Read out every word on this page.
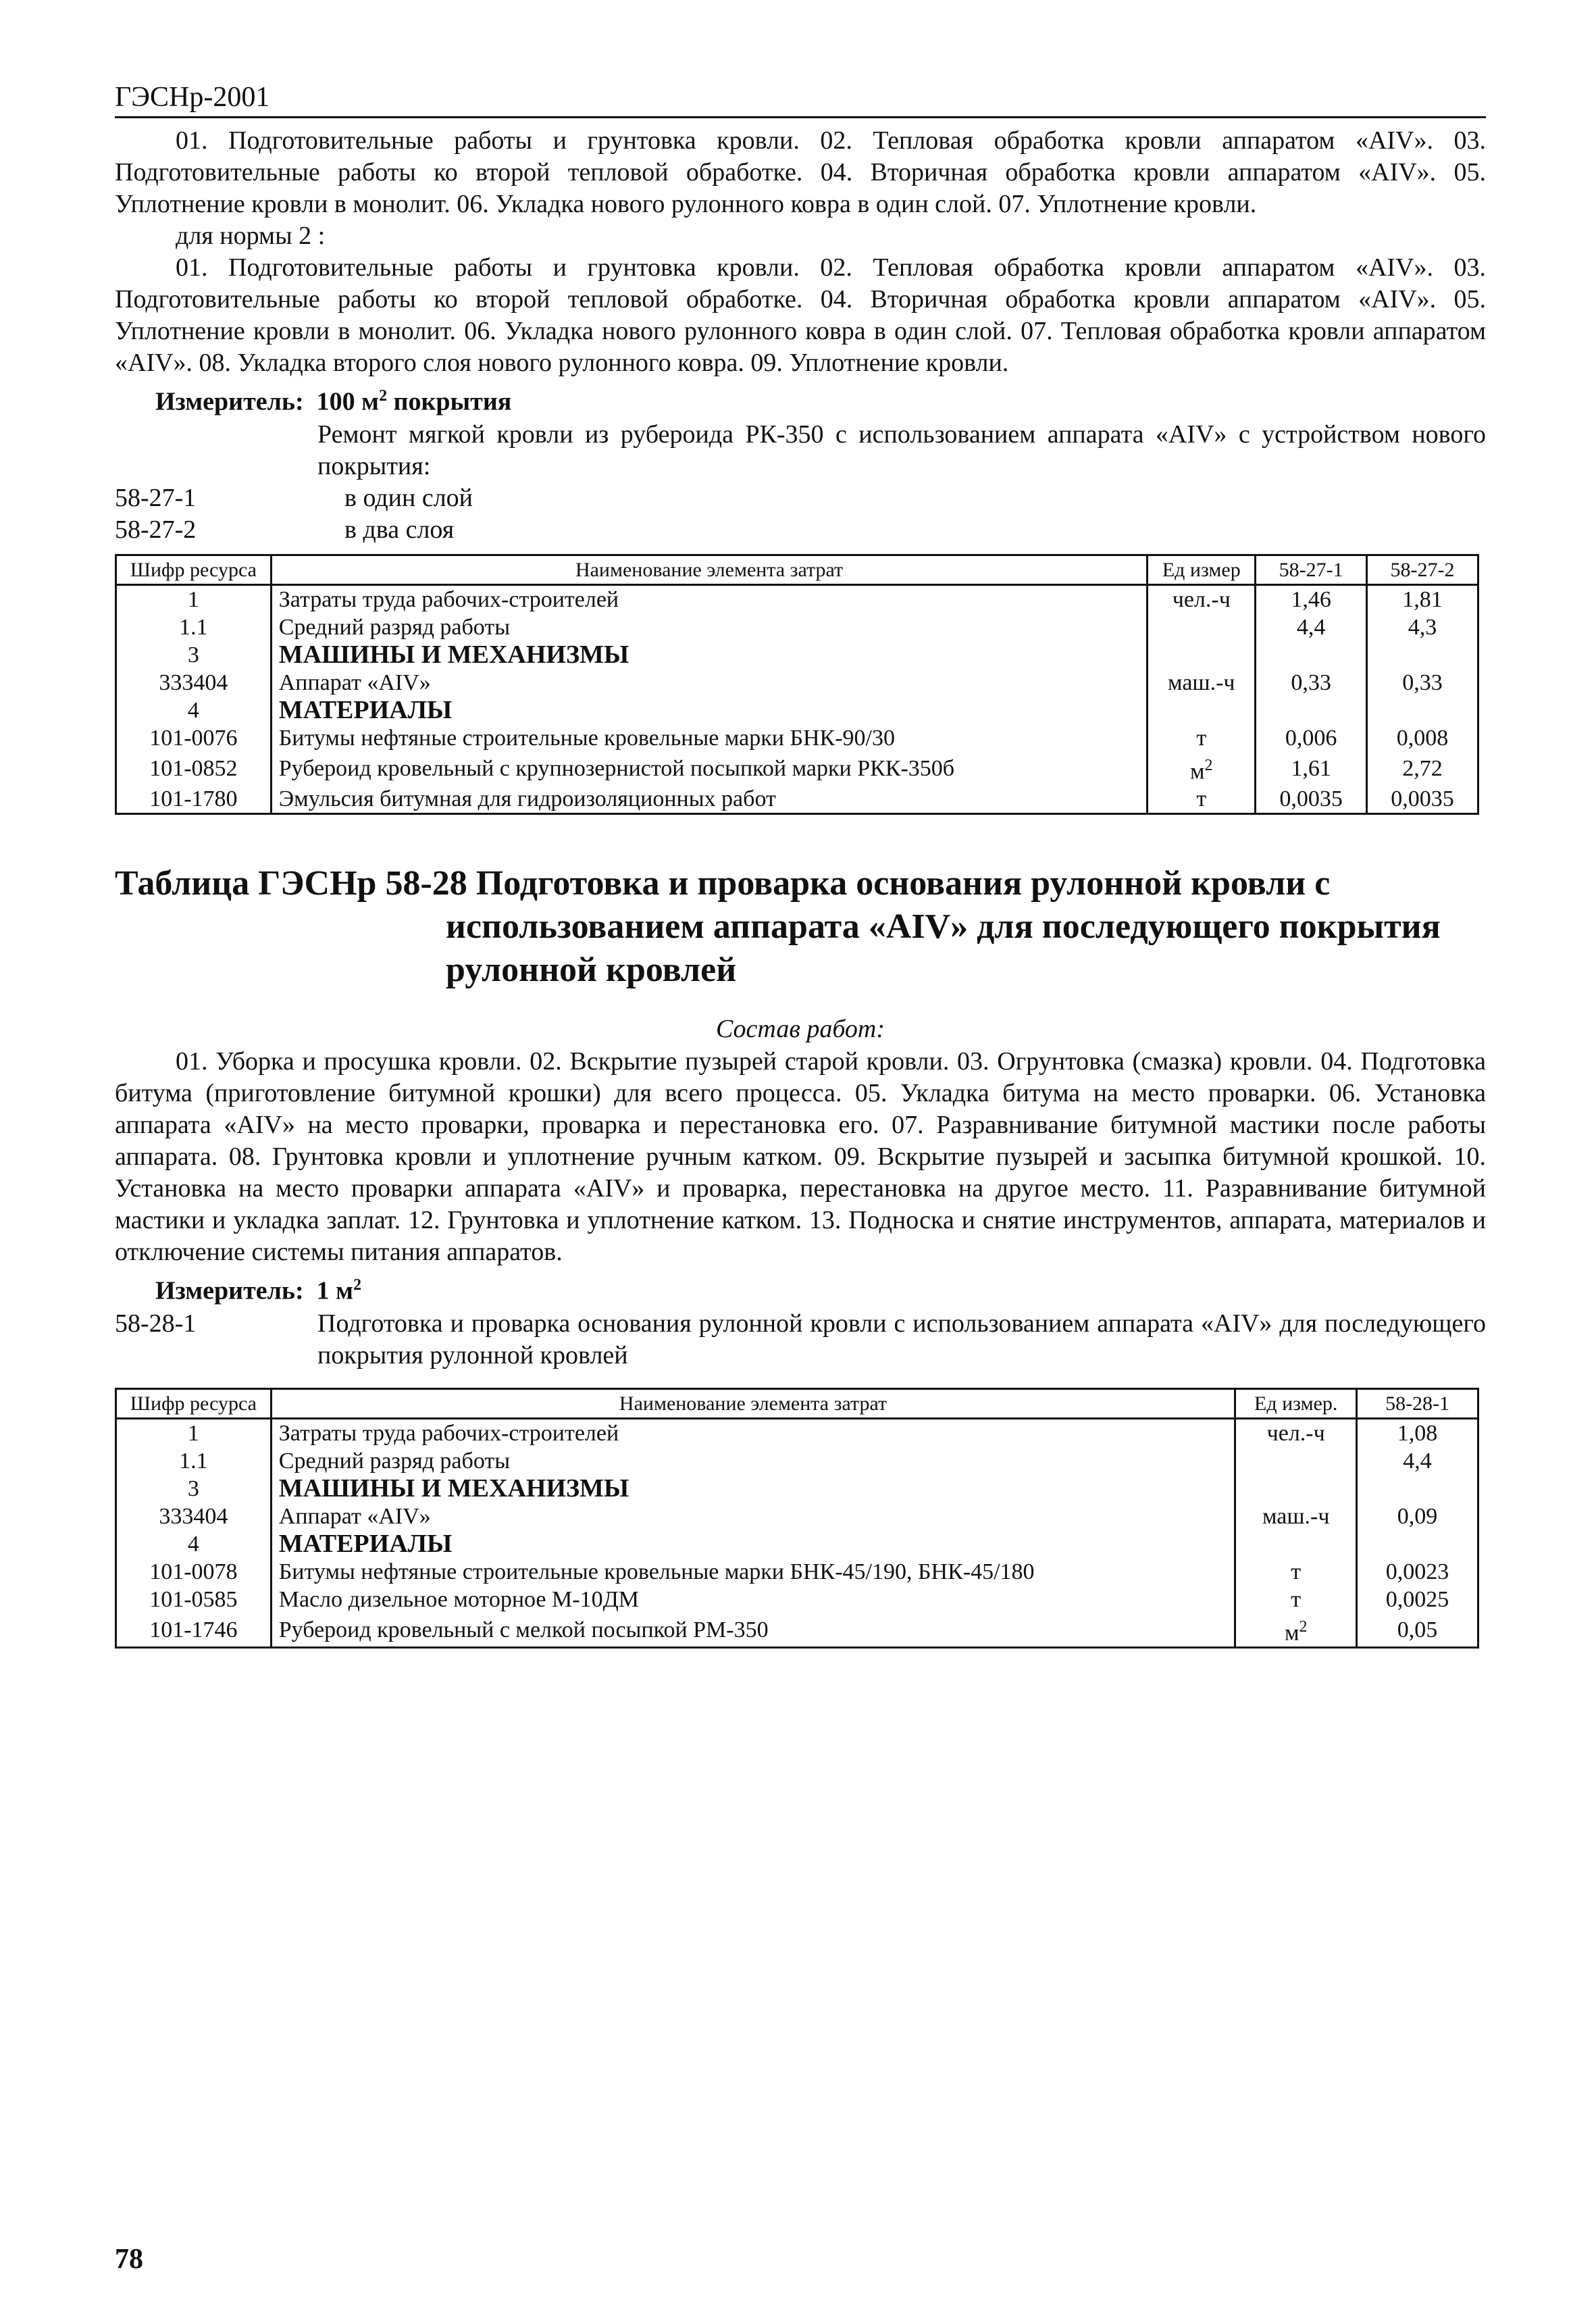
ГЭСНр-2001

01. Подготовительные работы и грунтовка кровли. 02. Тепловая обработка кровли аппаратом «AIV». 03. Подготовительные работы ко второй тепловой обработке. 04. Вторичная обработка кровли аппаратом «AIV». 05. Уплотнение кровли в монолит. 06. Укладка нового рулонного ковра в один слой. 07. Уплотнение кровли.

для нормы 2 :

01. Подготовительные работы и грунтовка кровли. 02. Тепловая обработка кровли аппаратом «AIV». 03. Подготовительные работы ко второй тепловой обработке. 04. Вторичная обработка кровли аппаратом «AIV». 05. Уплотнение кровли в монолит. 06. Укладка нового рулонного ковра в один слой. 07. Тепловая обработка кровли аппаратом «AIV». 08. Укладка второго слоя нового рулонного ковра. 09. Уплотнение кровли.

Измеритель: 100 $м^2$ покрытия
Ремонт мягкой кровли из рубероида РК-350 с использованием аппарата «AIV» с устройством нового покрытия:
58-27-1	в один слой
58-27-2	в два слоя
Шифр ресурса	Наименование элемента затрат	Ед измер	58-27-1	58-27-2
1	Затраты труда рабочих-строителей	чел.-ч	1,46	1,81
1.1	Средний разряд работы		4,4	4,3
3	МАШИНЫ И МЕХАНИЗМЫ			
333404	Аппарат «AIV»	маш.-ч	0,33	0,33
4	МАТЕРИАЛЫ			
101-0076	Битумы нефтяные строительные кровельные марки БНК-90/30	т	0,006	0,008
101-0852	Рубероид кровельный с крупнозернистой посыпкой марки РКК-350б	$м^2$	1,61	2,72
101-1780	Эмульсия битумная для гидроизоляционных работ	т	0,0035	0,0035
Таблица ГЭСНр 58-28 Подготовка и проварка основания рулонной кровли с использованием аппарата «AIV» для последующего покрытия рулонной кровлей

Состав работ:

01. Уборка и просушка кровли. 02. Вскрытие пузырей старой кровли. 03. Огрунтовка (смазка) кровли. 04. Подготовка битума (приготовление битумной крошки) для всего процесса. 05. Укладка битума на место проварки. 06. Установка аппарата «AIV» на место проварки, проварка и перестановка его. 07. Разравнивание битумной мастики после работы аппарата. 08. Грунтовка кровли и уплотнение ручным катком. 09. Вскрытие пузырей и засыпка битумной крошкой. 10. Установка на место проварки аппарата «AIV» и проварка, перестановка на другое место. 11. Разравнивание битумной мастики и укладка заплат. 12. Грунтовка и уплотнение катком. 13. Подноска и снятие инструментов, аппарата, материалов и отключение системы питания аппаратов.

Измеритель: 1 $м^2$
58-28-1	Подготовка и проварка основания рулонной кровли с использованием аппарата «AIV» для последующего покрытия рулонной кровлей
Шифр ресурса	Наименование элемента затрат	Ед измер.	58-28-1
1	Затраты труда рабочих-строителей	чел.-ч	1,08
1.1	Средний разряд работы		4,4
3	МАШИНЫ И МЕХАНИЗМЫ		
333404	Аппарат «AIV»	маш.-ч	0,09
4	МАТЕРИАЛЫ		
101-0078	Битумы нефтяные строительные кровельные марки БНК-45/190, БНК-45/180	т	0,0023
101-0585	Масло дизельное моторное М-10ДМ	т	0,0025
101-1746	Рубероид кровельный с мелкой посыпкой РМ-350	$м^2$	0,05
78
